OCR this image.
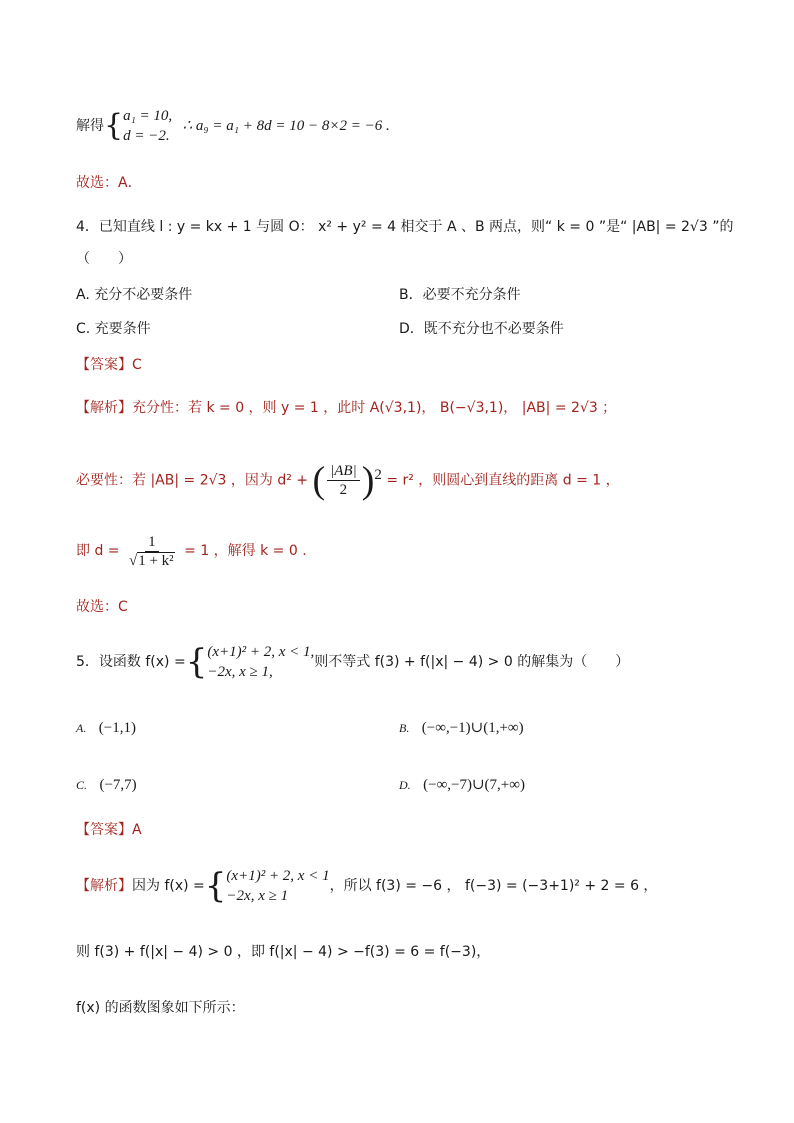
解得{ a₁ = 10,
d = −2.
∴ a₉ = a₁ + 8d = 10 − 8×2 = −6 .
故选：A．
4．已知直线 l : y = kx + 1 与圆 O： x² + y² = 4 相交于 A 、B 两点，则“ k = 0 ”是“ |AB| = 2√3 ”的
（　　）
A. 充分不必要条件	B．必要不充分条件
C. 充要条件	D．既不充分也不必要条件
【答案】C
【解析】充分性：若 k = 0 ，则 y = 1 ，此时 A(√3,1)， B(−√3,1)， |AB| = 2√3 ；
必要性：若 |AB| = 2√3 ，因为 d² + ( $\frac{|AB|}{2} )^2 = r^2$ ，则圆心到直线的距离 d = 1 ，
即 $d = \frac{1}{\text{√1 + k²}} = 1$ ，解得 k = 0 .
故选：C
5．设函数 f(x) ={ (x+1)² + 2, x < 1,
−2x, x ≥ 1,
则不等式 f(3) + f(|x| − 4) > 0 的解集为（　　）
A. (−1,1)	B. (−∞,−1)∪(1,+∞)
C. (−7,7)	D. (−∞,−7)∪(7,+∞)
【答案】A
【解析】因为 f(x) ={ (x+1)² + 2, x < 1
−2x, x ≥ 1
，所以 f(3) = −6 ， f(−3) = (−3+1)² + 2 = 6 ，
则 f(3) + f(|x| − 4) > 0 ，即 f(|x| − 4) > −f(3) = 6 = f(−3)，
f(x) 的函数图象如下所示：
